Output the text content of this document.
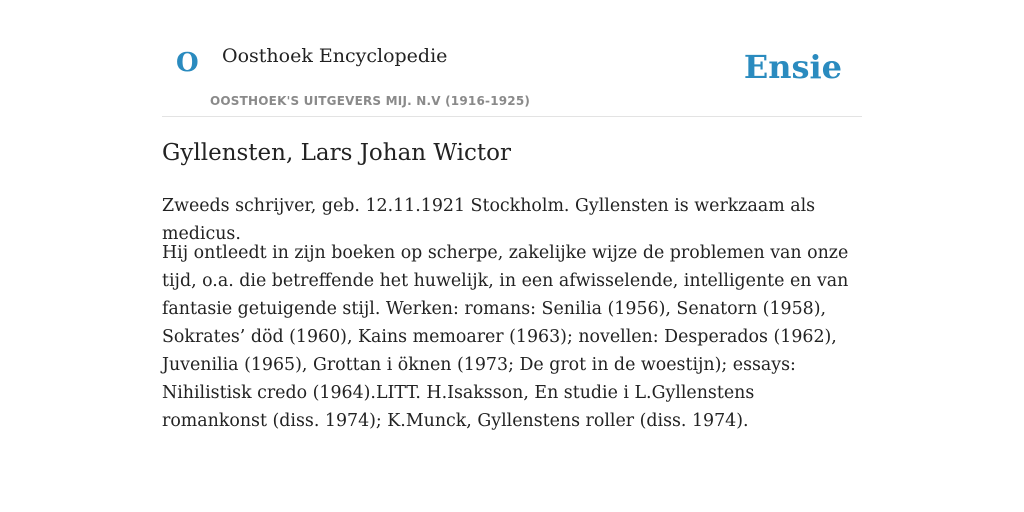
O Oosthoek Encyclopedie
OOSTHOEK'S UITGEVERS MIJ. N.V (1916-1925)
Ensie
Gyllensten, Lars Johan Wictor

Zweeds schrijver, geb. 12.11.1921 Stockholm. Gyllensten is werkzaam als medicus.

Hij ontleedt in zijn boeken op scherpe, zakelijke wijze de problemen van onze tijd, o.a. die betreffende het huwelijk, in een afwisselende, intelligente en van fantasie getuigende stijl. Werken: romans: Senilia (1956), Senatorn (1958), Sokrates’ död (1960), Kains memoarer (1963); novellen: Desperados (1962), Juvenilia (1965), Grottan i öknen (1973; De grot in de woestijn); essays: Nihilistisk credo (1964).LITT. H.Isaksson, En studie i L.Gyllenstens romankonst (diss. 1974); K.Munck, Gyllenstens roller (diss. 1974).
